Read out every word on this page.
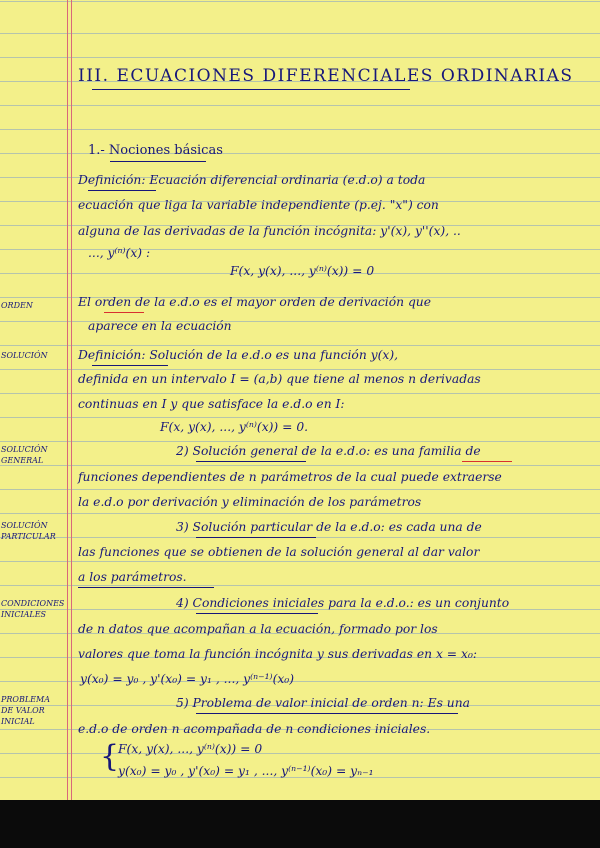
III. ECUACIONES DIFERENCIALES ORDINARIAS
1.- Nociones básicas
ORDEN
SOLUCIÓN
SOLUCIÓN GENERAL
SOLUCIÓN PARTICULAR
CONDICIONES INICIALES
PROBLEMA DE VALOR INICIAL
Definición: Ecuación diferencial ordinaria (e.d.o) a toda
ecuación que liga la variable independiente (p.ej. "x") con
alguna de las derivadas de la función incógnita: y'(x), y''(x), ..
..., y⁽ⁿ⁾(x) :
F(x, y(x), ..., y⁽ⁿ⁾(x)) = 0
El orden de la e.d.o es el mayor orden de derivación que
aparece en la ecuación
Definición: Solución de la e.d.o es una función y(x),
definida en un intervalo I = (a,b) que tiene al menos n derivadas
continuas en I y que satisface la e.d.o en I:
F(x, y(x), ..., y⁽ⁿ⁾(x)) = 0.
2) Solución general de la e.d.o: es una familia de
funciones dependientes de n parámetros de la cual puede extraerse
la e.d.o por derivación y eliminación de los parámetros
3) Solución particular de la e.d.o: es cada una de
las funciones que se obtienen de la solución general al dar valor
a los parámetros.
4) Condiciones iniciales para la e.d.o.: es un conjunto
de n datos que acompañan a la ecuación, formado por los
valores que toma la función incógnita y sus derivadas en x = x₀:
y(x₀) = y₀ , y'(x₀) = y₁ , ..., y⁽ⁿ⁻¹⁾(x₀)
5) Problema de valor inicial de orden n: Es una
e.d.o de orden n acompañada de n condiciones iniciales.
{
F(x, y(x), ..., y⁽ⁿ⁾(x)) = 0
y(x₀) = y₀ , y'(x₀) = y₁ , ..., y⁽ⁿ⁻¹⁾(x₀) = yₙ₋₁
